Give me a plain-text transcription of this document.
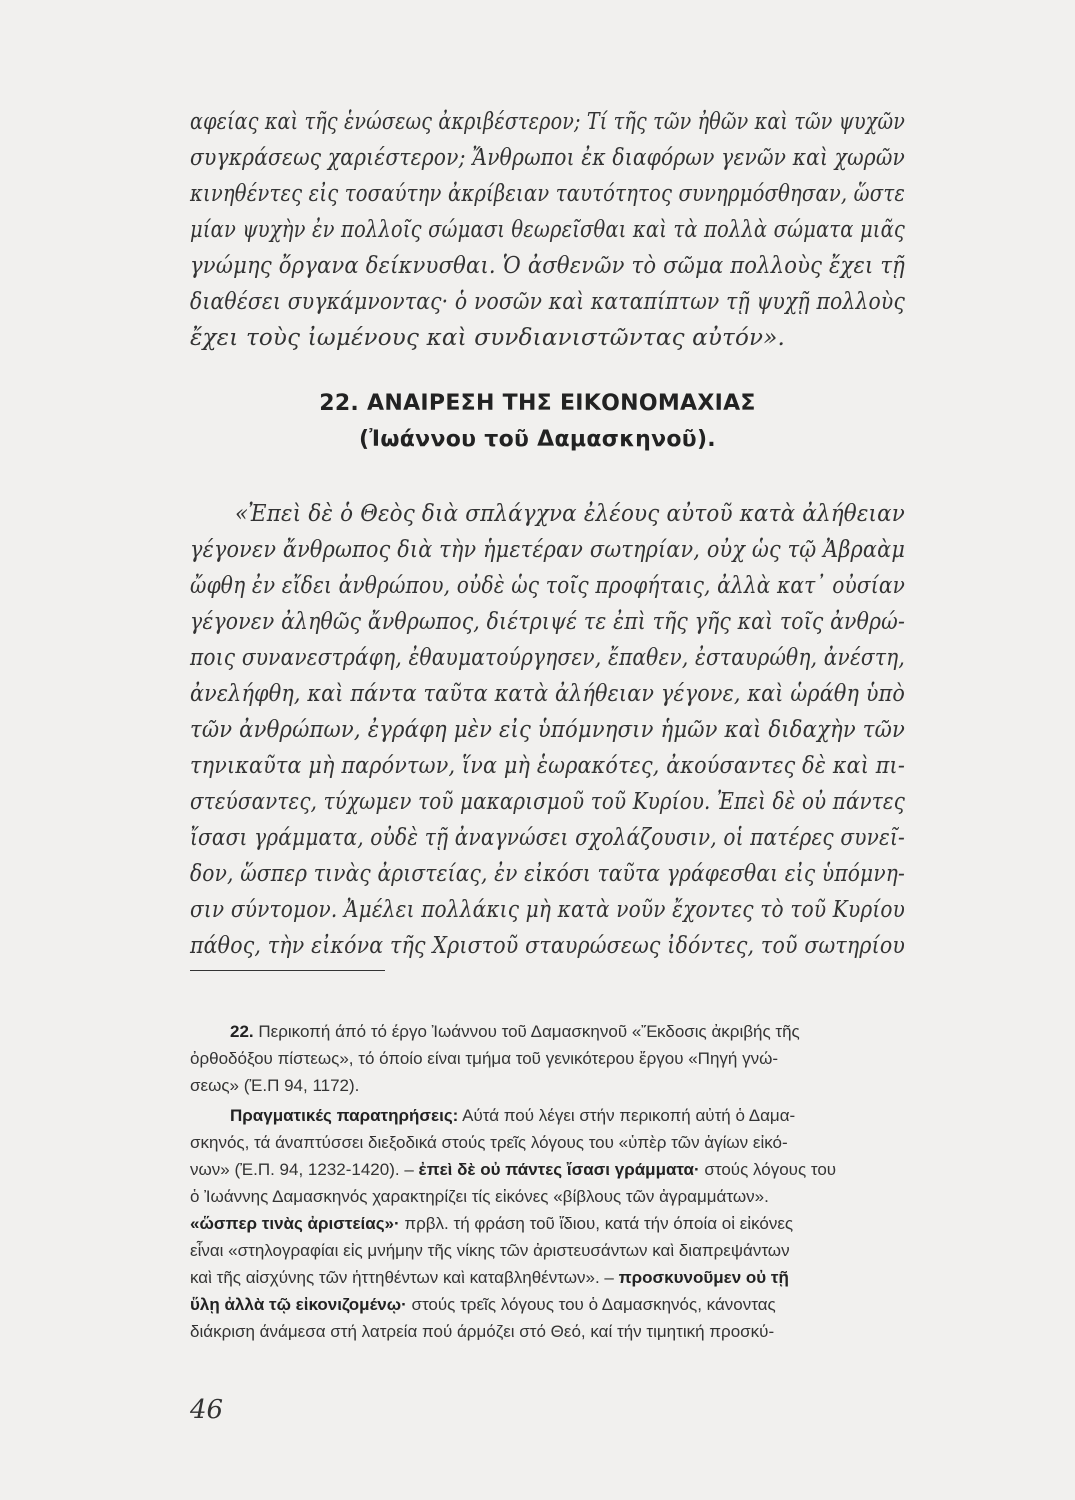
αφείας καὶ τῆς ἑνώσεως ἀκριβέστερον; Τί τῆς τῶν ἠθῶν καὶ τῶν ψυχῶν
συγκράσεως χαριέστερον; Ἄνθρωποι ἐκ διαφόρων γενῶν καὶ χωρῶν
κινηθέντες εἰς τοσαύτην ἀκρίβειαν ταυτότητος συνηρμόσθησαν, ὥστε
μίαν ψυχὴν ἐν πολλοῖς σώμασι θεωρεῖσθαι καὶ τὰ πολλὰ σώματα μιᾶς
γνώμης ὄργανα δείκνυσθαι. Ὁ ἀσθενῶν τὸ σῶμα πολλοὺς ἔχει τῇ
διαθέσει συγκάμνοντας· ὁ νοσῶν καὶ καταπίπτων τῇ ψυχῇ πολλοὺς
ἔχει τοὺς ἰωμένους καὶ συνδιανιστῶντας αὐτόν».
22. ΑΝΑΙΡΕΣΗ ΤΗΣ ΕΙΚΟΝΟΜΑΧΙΑΣ
(Ἰωάννου τοῦ Δαμασκηνοῦ).
«Ἐπεὶ δὲ ὁ Θεὸς διὰ σπλάγχνα ἐλέους αὐτοῦ κατὰ ἀλήθειαν
γέγονεν ἄνθρωπος διὰ τὴν ἡμετέραν σωτηρίαν, οὐχ ὡς τῷ Ἀβραὰμ
ὤφθη ἐν εἴδει ἀνθρώπου, οὐδὲ ὡς τοῖς προφήταις, ἀλλὰ κατ᾿ οὐσίαν
γέγονεν ἀληθῶς ἄνθρωπος, διέτριψέ τε ἐπὶ τῆς γῆς καὶ τοῖς ἀνθρώ-
ποις συνανεστράφη, ἐθαυματούργησεν, ἔπαθεν, ἐσταυρώθη, ἀνέστη,
ἀνελήφθη, καὶ πάντα ταῦτα κατὰ ἀλήθειαν γέγονε, καὶ ὡράθη ὑπὸ
τῶν ἀνθρώπων, ἐγράφη μὲν εἰς ὑπόμνησιν ἡμῶν καὶ διδαχὴν τῶν
τηνικαῦτα μὴ παρόντων, ἵνα μὴ ἑωρακότες, ἀκούσαντες δὲ καὶ πι-
στεύσαντες, τύχωμεν τοῦ μακαρισμοῦ τοῦ Κυρίου. Ἐπεὶ δὲ οὐ πάντες
ἴσασι γράμματα, οὐδὲ τῇ ἀναγνώσει σχολάζουσιν, οἱ πατέρες συνεῖ-
δον, ὥσπερ τινὰς ἀριστείας, ἐν εἰκόσι ταῦτα γράφεσθαι εἰς ὑπόμνη-
σιν σύντομον. Ἀμέλει πολλάκις μὴ κατὰ νοῦν ἔχοντες τὸ τοῦ Κυρίου
πάθος, τὴν εἰκόνα τῆς Χριστοῦ σταυρώσεως ἰδόντες, τοῦ σωτηρίου
22. Περικοπή άπό τό έργο Ἰωάννου τοῦ Δαμασκηνοῦ «Ἔκδοσις ἀκριβής τῆς
ὀρθοδόξου πίστεως», τό όποίο είναι τμήμα τοῦ γενικότερου ἔργου «Πηγή γνώ-
σεως» (Ἐ.Π 94, 1172).
Πραγματικές παρατηρήσεις: Αύτά πού λέγει στήν περικοπή αὐτή ὁ Δαμα-
σκηνός, τά άναπτύσσει διεξοδικά στούς τρεῖς λόγους του «ὑπὲρ τῶν ἁγίων εἰκό-
νων» (Ἐ.Π. 94, 1232-1420). – ἐπεὶ δὲ οὐ πάντες ἴσασι γράμματα· στούς λόγους του
ὁ Ἰωάννης Δαμασκηνός χαρακτηρίζει τίς εἰκόνες «βίβλους τῶν ἀγραμμάτων».
«ὥσπερ τινὰς ἀριστείας»· πρβλ. τή φράση τοῦ ἴδιου, κατά τήν όποία οἱ εἰκόνες
εἶναι «στηλογραφίαι εἰς μνήμην τῆς νίκης τῶν ἀριστευσάντων καὶ διαπρεψάντων
καὶ τῆς αἰσχύνης τῶν ἡττηθέντων καὶ καταβληθέντων». – προσκυνοῦμεν οὐ τῇ
ὕλῃ ἀλλὰ τῷ εἰκονιζομένῳ· στούς τρεῖς λόγους του ὁ Δαμασκηνός, κάνοντας
διάκριση άνάμεσα στή λατρεία πού άρμόζει στό Θεό, καί τήν τιμητική προσκύ-
46
